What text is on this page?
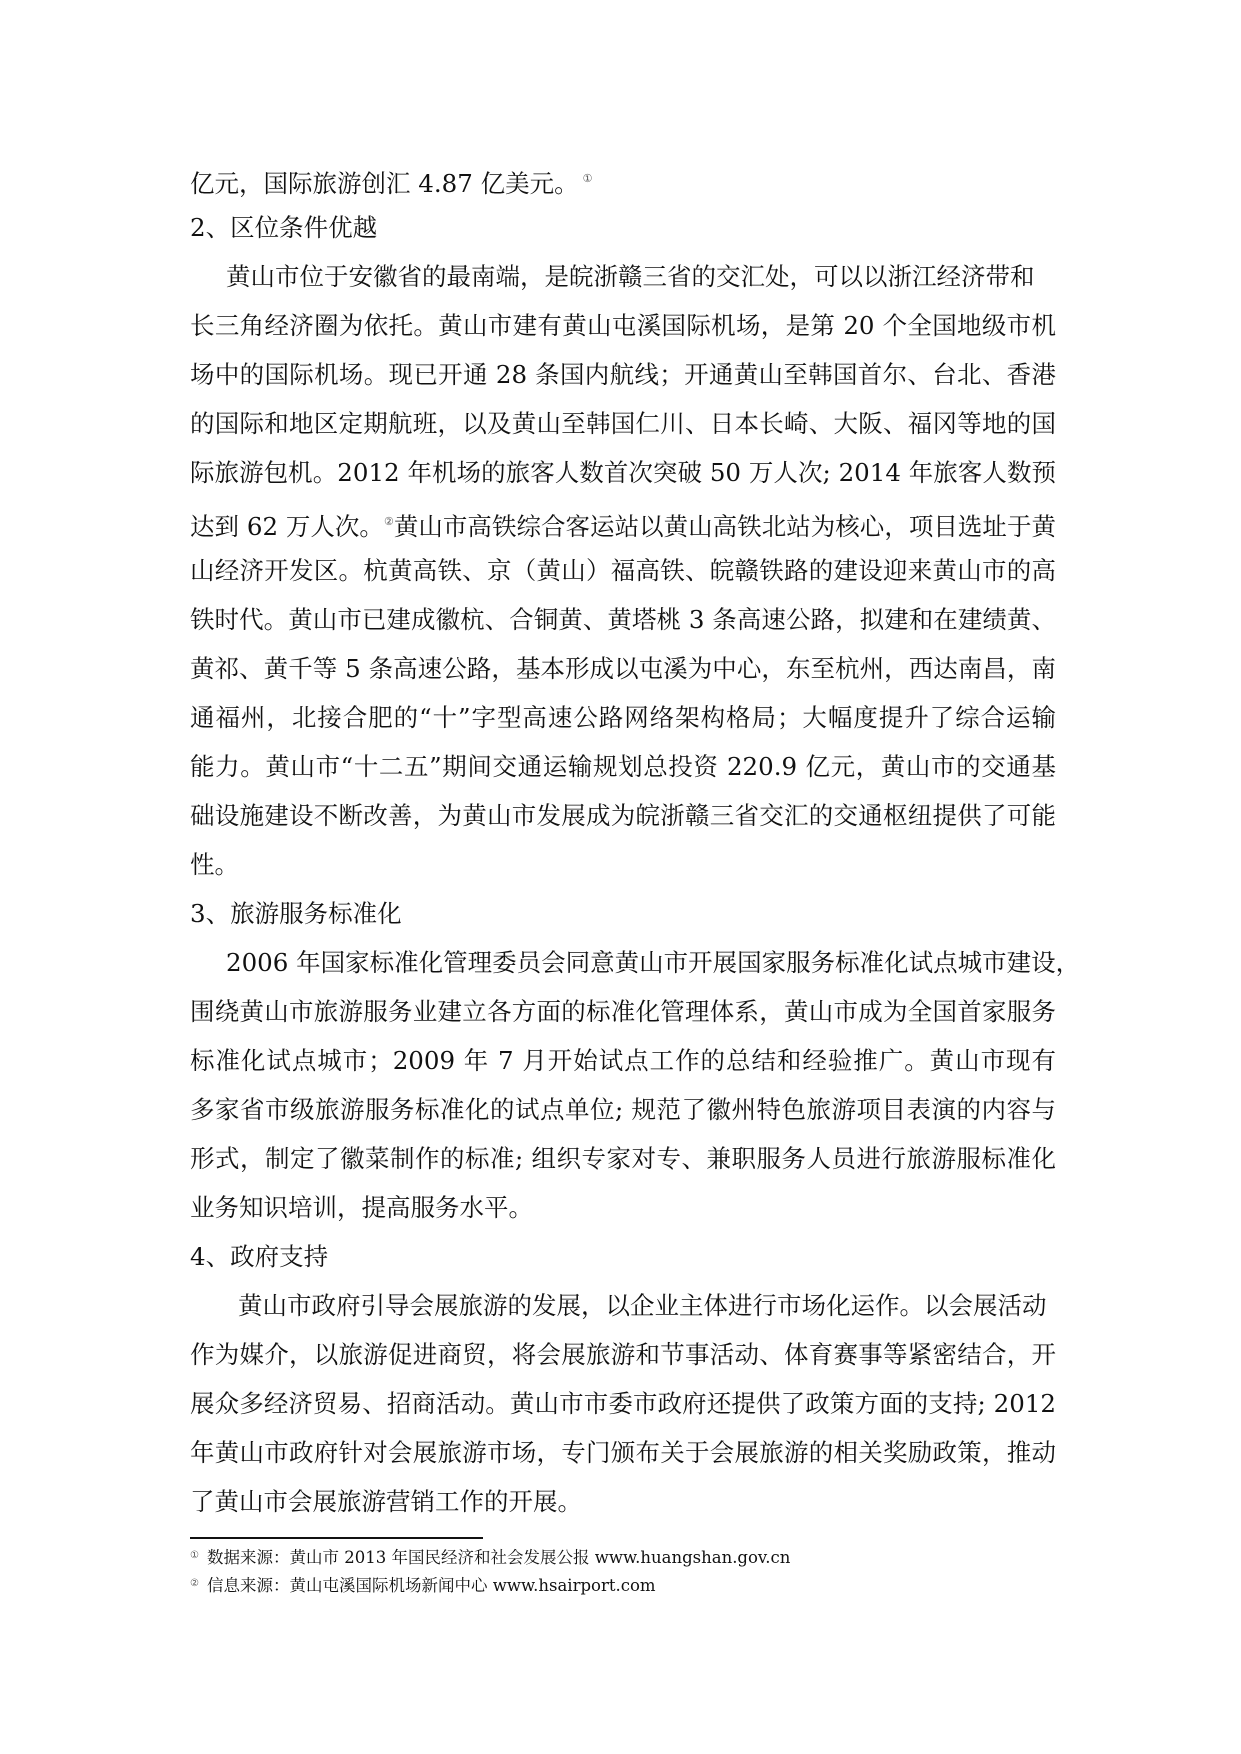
亿元，国际旅游创汇 4.87 亿美元。 ①
2、区位条件优越
黄山市位于安徽省的最南端，是皖浙赣三省的交汇处，可以以浙江经济带和
长三角经济圈为依托。黄山市建有黄山屯溪国际机场，是第 20 个全国地级市机
场中的国际机场。现已开通 28 条国内航线；开通黄山至韩国首尔、台北、香港
的国际和地区定期航班，以及黄山至韩国仁川、日本长崎、大阪、福冈等地的国
际旅游包机。2012 年机场的旅客人数首次突破 50 万人次; 2014 年旅客人数预
达到 62 万人次。②黄山市高铁综合客运站以黄山高铁北站为核心，项目选址于黄
山经济开发区。杭黄高铁、京（黄山）福高铁、皖赣铁路的建设迎来黄山市的高
铁时代。黄山市已建成徽杭、合铜黄、黄塔桃 3 条高速公路，拟建和在建绩黄、
黄祁、黄千等 5 条高速公路，基本形成以屯溪为中心，东至杭州，西达南昌，南
通福州，北接合肥的“十”字型高速公路网络架构格局；大幅度提升了综合运输
能力。黄山市“十二五”期间交通运输规划总投资 220.9 亿元，黄山市的交通基
础设施建设不断改善，为黄山市发展成为皖浙赣三省交汇的交通枢纽提供了可能
性。
3、旅游服务标准化
2006 年国家标准化管理委员会同意黄山市开展国家服务标准化试点城市建设，
围绕黄山市旅游服务业建立各方面的标准化管理体系，黄山市成为全国首家服务
标准化试点城市；2009 年 7 月开始试点工作的总结和经验推广。黄山市现有
多家省市级旅游服务标准化的试点单位; 规范了徽州特色旅游项目表演的内容与
形式，制定了徽菜制作的标准; 组织专家对专、兼职服务人员进行旅游服标准化
业务知识培训，提高服务水平。
4、政府支持
黄山市政府引导会展旅游的发展，以企业主体进行市场化运作。以会展活动
作为媒介，以旅游促进商贸，将会展旅游和节事活动、体育赛事等紧密结合，开
展众多经济贸易、招商活动。黄山市市委市政府还提供了政策方面的支持; 2012
年黄山市政府针对会展旅游市场，专门颁布关于会展旅游的相关奖励政策，推动
了黄山市会展旅游营销工作的开展。
① 数据来源：黄山市 2013 年国民经济和社会发展公报 www.huangshan.gov.cn
② 信息来源：黄山屯溪国际机场新闻中心 www.hsairport.com
